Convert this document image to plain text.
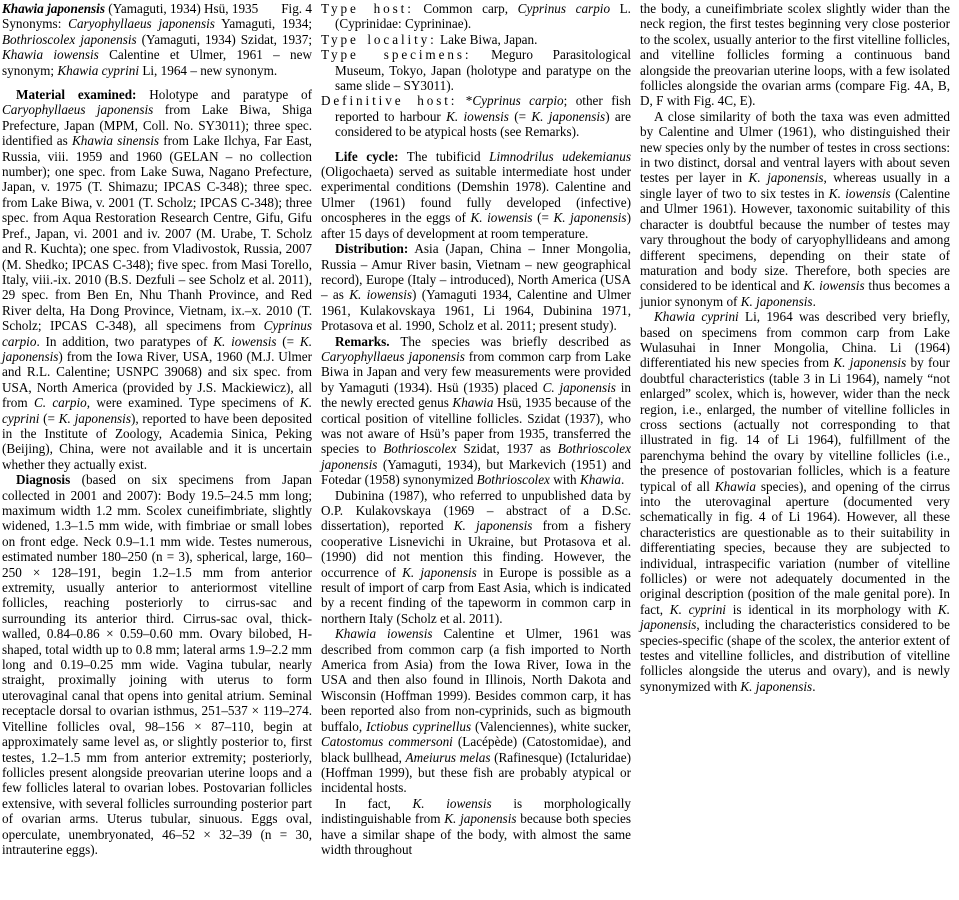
Khawia japonensis (Yamaguti, 1934) Hsü, 1935 Fig. 4

Synonyms: Caryophyllaeus japonensis Yamaguti, 1934; Bothrioscolex japonensis (Yamaguti, 1934) Szidat, 1937; Khawia iowensis Calentine et Ulmer, 1961 – new synonym; Khawia cyprini Li, 1964 – new synonym.

Material examined: Holotype and paratype of Caryophyllaeus japonensis from Lake Biwa, Shiga Prefecture, Japan (MPM, Coll. No. SY3011); three spec. identified as Khawia sinensis from Lake Ilchya, Far East, Russia, viii. 1959 and 1960 (GELAN – no collection number); one spec. from Lake Suwa, Nagano Prefecture, Japan, v. 1975 (T. Shimazu; IPCAS C-348); three spec. from Lake Biwa, v. 2001 (T. Scholz; IPCAS C-348); three spec. from Aqua Restoration Research Centre, Gifu, Gifu Pref., Japan, vi. 2001 and iv. 2007 (M. Urabe, T. Scholz and R. Kuchta); one spec. from Vladivostok, Russia, 2007 (M. Shedko; IPCAS C-348); five spec. from Masi Torello, Italy, viii.-ix. 2010 (B.S. Dezfuli – see Scholz et al. 2011), 29 spec. from Ben En, Nhu Thanh Province, and Red River delta, Ha Dong Province, Vietnam, ix.–x. 2010 (T. Scholz; IPCAS C-348), all specimens from Cyprinus carpio. In addition, two paratypes of K. iowensis (= K. japonensis) from the Iowa River, USA, 1960 (M.J. Ulmer and R.L. Calentine; USNPC 39068) and six spec. from USA, North America (provided by J.S. Mackiewicz), all from C. carpio, were examined. Type specimens of K. cyprini (= K. japonensis), reported to have been deposited in the Institute of Zoology, Academia Sinica, Peking (Beijing), China, were not available and it is uncertain whether they actually exist.

Diagnosis (based on six specimens from Japan collected in 2001 and 2007): Body 19.5–24.5 mm long; maximum width 1.2 mm. Scolex cuneifimbriate, slightly widened, 1.3–1.5 mm wide, with fimbriae or small lobes on front edge. Neck 0.9–1.1 mm wide. Testes numerous, estimated number 180–250 (n = 3), spherical, large, 160–250 × 128–191, begin 1.2–1.5 mm from anterior extremity, usually anterior to anteriormost vitelline follicles, reaching posteriorly to cirrus-sac and surrounding its anterior third. Cirrus-sac oval, thick-walled, 0.84–0.86 × 0.59–0.60 mm. Ovary bilobed, H-shaped, total width up to 0.8 mm; lateral arms 1.9–2.2 mm long and 0.19–0.25 mm wide. Vagina tubular, nearly straight, proximally joining with uterus to form uterovaginal canal that opens into genital atrium. Seminal receptacle dorsal to ovarian isthmus, 251–537 × 119–274. Vitelline follicles oval, 98–156 × 87–110, begin at approximately same level as, or slightly posterior to, first testes, 1.2–1.5 mm from anterior extremity; posteriorly, follicles present alongside preovarian uterine loops and a few follicles lateral to ovarian lobes. Postovarian follicles extensive, with several follicles surrounding posterior part of ovarian arms. Uterus tubular, sinuous. Eggs oval, operculate, unembryonated, 46–52 × 32–39 (n = 30, intrauterine eggs).

Type host: Common carp, Cyprinus carpio L. (Cyprinidae: Cyprininae).

Type locality: Lake Biwa, Japan.

Type specimens: Meguro Parasitological Museum, Tokyo, Japan (holotype and paratype on the same slide – SY3011).

Definitive host: *Cyprinus carpio; other fish reported to harbour K. iowensis (= K. japonensis) are considered to be atypical hosts (see Remarks).

Life cycle: The tubificid Limnodrilus udekemianus (Oligochaeta) served as suitable intermediate host under experimental conditions (Demshin 1978). Calentine and Ulmer (1961) found fully developed (infective) oncospheres in the eggs of K. iowensis (= K. japonensis) after 15 days of development at room temperature.

Distribution: Asia (Japan, China – Inner Mongolia, Russia – Amur River basin, Vietnam – new geographical record), Europe (Italy – introduced), North America (USA – as K. iowensis) (Yamaguti 1934, Calentine and Ulmer 1961, Kulakovskaya 1961, Li 1964, Dubinina 1971, Protasova et al. 1990, Scholz et al. 2011; present study).

Remarks. The species was briefly described as Caryophyllaeus japonensis from common carp from Lake Biwa in Japan and very few measurements were provided by Yamaguti (1934). Hsü (1935) placed C. japonensis in the newly erected genus Khawia Hsü, 1935 because of the cortical position of vitelline follicles. Szidat (1937), who was not aware of Hsü’s paper from 1935, transferred the species to Bothrioscolex Szidat, 1937 as Bothrioscolex japonensis (Yamaguti, 1934), but Markevich (1951) and Fotedar (1958) synonymized Bothrioscolex with Khawia.

Dubinina (1987), who referred to unpublished data by O.P. Kulakovskaya (1969 – abstract of a D.Sc. dissertation), reported K. japonensis from a fishery cooperative Lisnevichi in Ukraine, but Protasova et al. (1990) did not mention this finding. However, the occurrence of K. japonensis in Europe is possible as a result of import of carp from East Asia, which is indicated by a recent finding of the tapeworm in common carp in northern Italy (Scholz et al. 2011).

Khawia iowensis Calentine et Ulmer, 1961 was described from common carp (a fish imported to North America from Asia) from the Iowa River, Iowa in the USA and then also found in Illinois, North Dakota and Wisconsin (Hoffman 1999). Besides common carp, it has been reported also from non-cyprinids, such as bigmouth buffalo, Ictiobus cyprinellus (Valenciennes), white sucker, Catostomus commersoni (Lacépède) (Catostomidae), and black bullhead, Ameiurus melas (Rafinesque) (Ictaluridae) (Hoffman 1999), but these fish are probably atypical or incidental hosts.

In fact, K. iowensis is morphologically indistinguishable from K. japonensis because both species have a similar shape of the body, with almost the same width throughout

the body, a cuneifimbriate scolex slightly wider than the neck region, the first testes beginning very close posterior to the scolex, usually anterior to the first vitelline follicles, and vitelline follicles forming a continuous band alongside the preovarian uterine loops, with a few isolated follicles alongside the ovarian arms (compare Fig. 4A, B, D, F with Fig. 4C, E).

A close similarity of both the taxa was even admitted by Calentine and Ulmer (1961), who distinguished their new species only by the number of testes in cross sections: in two distinct, dorsal and ventral layers with about seven testes per layer in K. japonensis, whereas usually in a single layer of two to six testes in K. iowensis (Calentine and Ulmer 1961). However, taxonomic suitability of this character is doubtful because the number of testes may vary throughout the body of caryophyllideans and among different specimens, depending on their state of maturation and body size. Therefore, both species are considered to be identical and K. iowensis thus becomes a junior synonym of K. japonensis.

Khawia cyprini Li, 1964 was described very briefly, based on specimens from common carp from Lake Wulasuhai in Inner Mongolia, China. Li (1964) differentiated his new species from K. japonensis by four doubtful characteristics (table 3 in Li 1964), namely “not enlarged” scolex, which is, however, wider than the neck region, i.e., enlarged, the number of vitelline follicles in cross sections (actually not corresponding to that illustrated in fig. 14 of Li 1964), fulfillment of the parenchyma behind the ovary by vitelline follicles (i.e., the presence of postovarian follicles, which is a feature typical of all Khawia species), and opening of the cirrus into the uterovaginal aperture (documented very schematically in fig. 4 of Li 1964). However, all these characteristics are questionable as to their suitability in differentiating species, because they are subjected to individual, intraspecific variation (number of vitelline follicles) or were not adequately documented in the original description (position of the male genital pore). In fact, K. cyprini is identical in its morphology with K. japonensis, including the characteristics considered to be species-specific (shape of the scolex, the anterior extent of testes and vitelline follicles, and distribution of vitelline follicles alongside the uterus and ovary), and is newly synonymized with K. japonensis.
